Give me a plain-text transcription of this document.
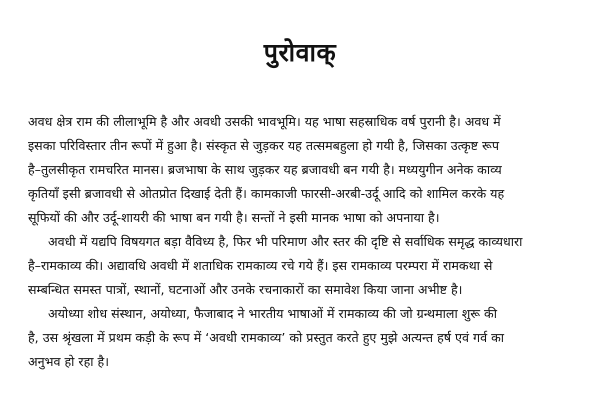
पुरोवाक्
अवध क्षेत्र राम की लीलाभूमि है और अवधी उसकी भावभूमि। यह भाषा सहस्राधिक वर्ष पुरानी है। अवध में
इसका परिविस्तार तीन रूपों में हुआ है। संस्कृत से जुड़कर यह तत्समबहुला हो गयी है, जिसका उत्कृष्ट रूप
है–तुलसीकृत रामचरित मानस। ब्रजभाषा के साथ जुड़कर यह ब्रजावधी बन गयी है। मध्ययुगीन अनेक काव्य
कृतियाँ इसी ब्रजावधी से ओतप्रोत दिखाई देती हैं। कामकाजी फारसी-अरबी-उर्दू आदि को शामिल करके यह
सूफियों की और उर्दू-शायरी की भाषा बन गयी है। सन्तों ने इसी मानक भाषा को अपनाया है।
अवधी में यद्यपि विषयगत बड़ा वैविध्य है, फिर भी परिमाण और स्तर की दृष्टि से सर्वाधिक समृद्ध काव्यधारा
है–रामकाव्य की। अद्यावधि अवधी में शताधिक रामकाव्य रचे गये हैं। इस रामकाव्य परम्परा में रामकथा से
सम्बन्धित समस्त पात्रों, स्थानों, घटनाओं और उनके रचनाकारों का समावेश किया जाना अभीष्ट है।
अयोध्या शोध संस्थान, अयोध्या, फैजाबाद ने भारतीय भाषाओं में रामकाव्य की जो ग्रन्थमाला शुरू की
है, उस श्रृंखला में प्रथम कड़ी के रूप में ‘अवधी रामकाव्य’ को प्रस्तुत करते हुए मुझे अत्यन्त हर्ष एवं गर्व का
अनुभव हो रहा है।
